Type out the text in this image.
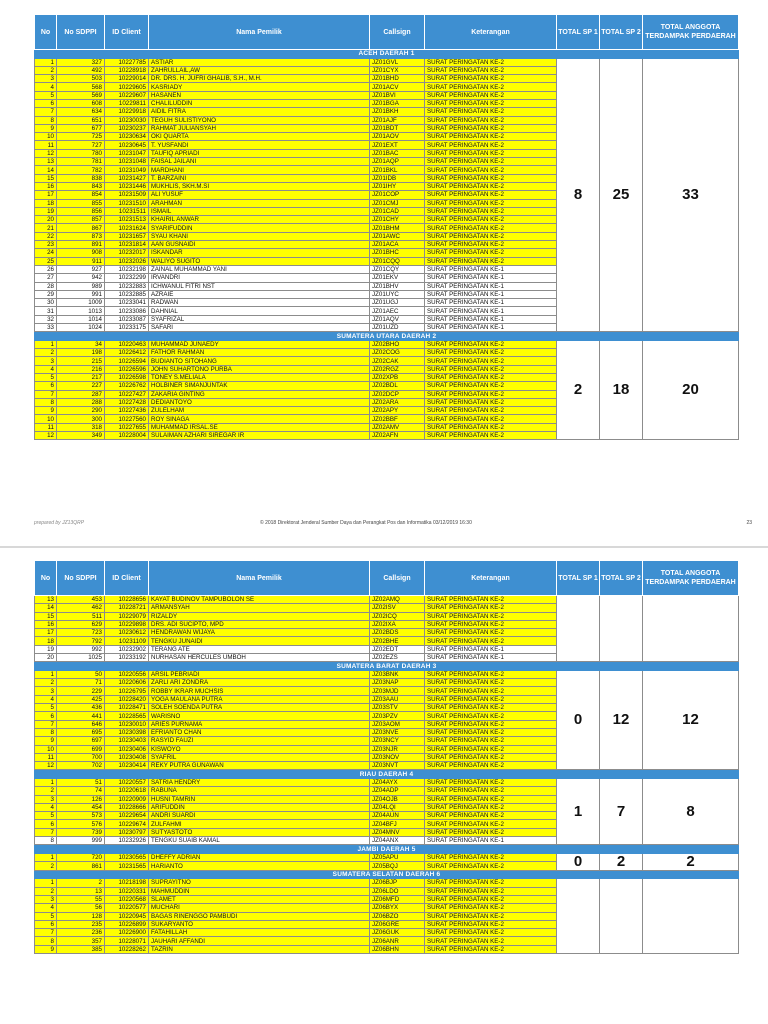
No	No SDPPI	ID Client	Nama Pemilik	Callsign	Keterangan	TOTAL SP 1	TOTAL SP 2	TOTAL ANGGOTA TERDAMPAK PERDAERAH
ACEH DAERAH 1								
1	327	10227785	ASTIAR	JZ01GVL	SURAT PERINGATAN KE-2	8	25	33
2	492	10228918	ZAHRULLAIL,AW	JZ01CYX	SURAT PERINGATAN KE-2			
3	503	10229014	DR. DRS. H. JUFRI GHALIB, S.H., M.H.	JZ01BHD	SURAT PERINGATAN KE-2			
4	568	10229605	KASRIADY	JZ01ACV	SURAT PERINGATAN KE-2			
5	569	10229607	HASANEN	JZ01BVI	SURAT PERINGATAN KE-2			
6	608	10229811	CHALILUDDIN	JZ01BGA	SURAT PERINGATAN KE-2			
7	634	10229918	AIDIL FITRA	JZ01BKH	SURAT PERINGATAN KE-2			
8	651	10230030	TEGUH SULISTIYONO	JZ01AJF	SURAT PERINGATAN KE-2			
9	677	10230237	RAHMAT JULIANSYAH	JZ01BDT	SURAT PERINGATAN KE-2			
10	725	10230634	OKI QUARTA	JZ01AOV	SURAT PERINGATAN KE-2			
11	727	10230645	T. YUSFANDI	JZ01EXT	SURAT PERINGATAN KE-2			
12	780	10231047	TAUFIQ APRIADI	JZ01BAC	SURAT PERINGATAN KE-2			
13	781	10231048	FAISAL JAILANI	JZ01AQP	SURAT PERINGATAN KE-2			
14	782	10231049	MARDHANI	JZ01BKL	SURAT PERINGATAN KE-2			
15	838	10231427	T. BARZAINI	JZ01IDB	SURAT PERINGATAN KE-2			
16	843	10231446	MUKHLIS, SKH.M.SI	JZ01IHY	SURAT PERINGATAN KE-2			
17	854	10231509	ALI YUSUF	JZ01COP	SURAT PERINGATAN KE-2			
18	855	10231510	ARAHMAN	JZ01CMJ	SURAT PERINGATAN KE-2			
19	856	10231511	ISMAIL	JZ01CAD	SURAT PERINGATAN KE-2			
20	857	10231513	KHAIRIL ANWAR	JZ01CHY	SURAT PERINGATAN KE-2			
21	867	10231624	SYARIFUDDIN	JZ01BHM	SURAT PERINGATAN KE-2			
22	873	10231657	SYAU KHANI	JZ01AWC	SURAT PERINGATAN KE-2			
23	891	10231814	AAN GUSNAIDI	JZ01ACA	SURAT PERINGATAN KE-2			
24	908	10232017	ISKANDAR	JZ01BHC	SURAT PERINGATAN KE-2			
25	911	10232026	WALIYO SUGITO	JZ01CQQ	SURAT PERINGATAN KE-2			
26	927	10232198	ZAINAL MUHAMMAD YANI	JZ01CQY	SURAT PERINGATAN KE-1			
27	942	10232299	IRVANDRI	JZ01EKV	SURAT PERINGATAN KE-1			
28	989	10232883	ICHWANUL FITRI NST	JZ01BHV	SURAT PERINGATAN KE-1			
29	991	10232885	AZRAIE	JZ01UYC	SURAT PERINGATAN KE-1			
30	1009	10233041	RADWAN	JZ01UGJ	SURAT PERINGATAN KE-1			
31	1013	10233086	DAHNIAL	JZ01AEC	SURAT PERINGATAN KE-1			
32	1014	10233087	SYAFRIZAL	JZ01AQV	SURAT PERINGATAN KE-1			
33	1024	10233175	SAFARI	JZ01UZD	SURAT PERINGATAN KE-1			
SUMATERA UTARA DAERAH 2								
1	34	10220463	MUHAMMAD JUNAEDY	JZ02BHO	SURAT PERINGATAN KE-2	2	18	20
2	198	10226412	FATHOR RAHMAN	JZ02COG	SURAT PERINGATAN KE-2			
3	215	10226594	BUDIANTO SITOHANG	JZ02CAK	SURAT PERINGATAN KE-2			
4	216	10226596	JOHN SUHARTONO PURBA	JZ02RGZ	SURAT PERINGATAN KE-2			
5	217	10226598	TONEY S.MELIALA	JZ02XPB	SURAT PERINGATAN KE-2			
6	227	10226762	HOLBINER SIMANJUNTAK	JZ02BDL	SURAT PERINGATAN KE-2			
7	287	10227427	ZAKARIA GINTING	JZ02DCP	SURAT PERINGATAN KE-2			
8	288	10227428	DEDIANTOYO	JZ02ARA	SURAT PERINGATAN KE-2			
9	290	10227436	ZULELHAM	JZ02APY	SURAT PERINGATAN KE-2			
10	300	10227560	ROY SINAGA	JZ02BBF	SURAT PERINGATAN KE-2			
11	318	10227655	MUHAMMAD IRSAL.SE	JZ02AMV	SURAT PERINGATAN KE-2			
12	349	10228004	SULAIMAN AZHARI SIREGAR IR	JZ02AFN	SURAT PERINGATAN KE-2			
prepared by JZ13QRP	© 2018 Direktorat Jenderal Sumber Daya dan Perangkat Pos dan Informatika 03/12/2019 16:30	23
No	No SDPPI	ID Client	Nama Pemilik	Callsign	Keterangan	TOTAL SP 1	TOTAL SP 2	TOTAL ANGGOTA TERDAMPAK PERDAERAH
13	453	10228656	KAYAT BUDINOV TAMPUBOLON SE	JZ02AMQ	SURAT PERINGATAN KE-2			
14	462	10228721	ARMANSYAH	JZ02ISV	SURAT PERINGATAN KE-2			
15	511	10229079	RIZALDY	JZ02ICQ	SURAT PERINGATAN KE-2			
16	629	10229898	DRS. ADI SUCIPTO, MPD	JZ02IXA	SURAT PERINGATAN KE-2			
17	723	10230612	HENDRAWAN WIJAYA	JZ02BDS	SURAT PERINGATAN KE-2			
18	792	10231109	TENGKU JUNAIDI	JZ02BHE	SURAT PERINGATAN KE-2			
19	992	10232902	TERANG ATE	JZ02EDT	SURAT PERINGATAN KE-1			
20	1025	10233192	NURHASAN HERCULES UMBOH	JZ02EZS	SURAT PERINGATAN KE-1			
SUMATERA BARAT DAERAH 3								
1	50	10220556	ARSIL PEBRIADI	JZ03BNK	SURAT PERINGATAN KE-2	0	12	12
2	71	10220606	ZARLI ARI ZONDRA	JZ03NAP	SURAT PERINGATAN KE-2			
3	229	10226795	ROBBY IKRAR MUCHSIS	JZ03MJD	SURAT PERINGATAN KE-2			
4	425	10228420	YOGA MAULANA PUTRA	JZ03AAU	SURAT PERINGATAN KE-2			
5	436	10228471	SOLEH SOENDA PUTRA	JZ03STV	SURAT PERINGATAN KE-2			
6	441	10228565	WARISNO	JZ03PZV	SURAT PERINGATAN KE-2			
7	646	10230010	ARIES PURNAMA	JZ03AOM	SURAT PERINGATAN KE-2			
8	695	10230398	EFRIANTO CHAN	JZ03NVE	SURAT PERINGATAN KE-2			
9	697	10230403	RASYID FAUZI	JZ03NCY	SURAT PERINGATAN KE-2			
10	699	10230406	KISWOYO	JZ03NJR	SURAT PERINGATAN KE-2			
11	700	10230408	SYAFRIL	JZ03NOV	SURAT PERINGATAN KE-2			
12	702	10230414	REKY PUTRA GUNAWAN	JZ03NVT	SURAT PERINGATAN KE-2			
RIAU DAERAH 4								
1	51	10220557	SATRIA HENDRY	JZ04AYX	SURAT PERINGATAN KE-2	1	7	8
2	74	10220618	RABUNA	JZ04ADP	SURAT PERINGATAN KE-2			
3	126	10220909	HUSNI TAMRIN	JZ04OJB	SURAT PERINGATAN KE-2			
4	454	10228666	ARIFUDDIN	JZ04LQI	SURAT PERINGATAN KE-2			
5	573	10229654	ANDRI SUARDI	JZ04AUN	SURAT PERINGATAN KE-2			
6	576	10229674	ZULFAHMI	JZ04BFJ	SURAT PERINGATAN KE-2			
7	739	10230797	SUTYASTOTO	JZ04MNV	SURAT PERINGATAN KE-2			
8	999	10232926	TENGKU SUAIB KAMAL	JZ04ANX	SURAT PERINGATAN KE-1			
JAMBI DAERAH 5								
1	720	10230565	DHEFFY ADRIAN	JZ05APU	SURAT PERINGATAN KE-2	0	2	2
2	861	10231565	HARIANTO	JZ05BQJ	SURAT PERINGATAN KE-2			
SUMATERA SELATAN DAERAH 6								
1	2	10218198	SUPRAYITNO	JZ06BJP	SURAT PERINGATAN KE-2			
2	13	10220331	MAHMUDDIN	JZ06LDO	SURAT PERINGATAN KE-2			
3	55	10220568	SLAMET	JZ06MFD	SURAT PERINGATAN KE-2			
4	56	10220577	MUCHARI	JZ06BYX	SURAT PERINGATAN KE-2			
5	128	10220945	BAGAS RINENGGO PAMBUDI	JZ06BZO	SURAT PERINGATAN KE-2			
6	235	10226899	SUKARYANTO	JZ06GRE	SURAT PERINGATAN KE-2			
7	236	10226900	FATAHILLAH	JZ06GUK	SURAT PERINGATAN KE-2			
8	357	10228071	JAUHARI AFFANDI	JZ06ANR	SURAT PERINGATAN KE-2			
9	385	10228262	TAZRIN	JZ06BHN	SURAT PERINGATAN KE-2			
